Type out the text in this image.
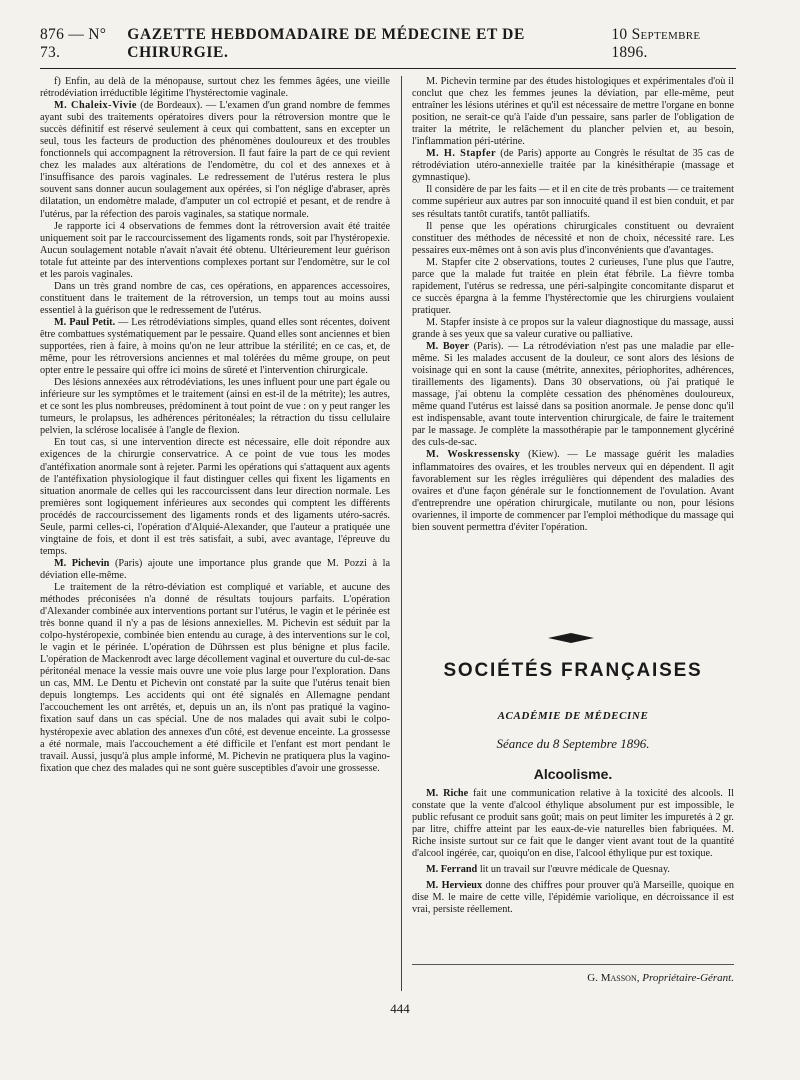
876 — N° 73.
GAZETTE HEBDOMADAIRE DE MÉDECINE ET DE CHIRURGIE.
10 Septembre 1896.

f) Enfin, au delà de la ménopause, surtout chez les femmes âgées, une vieille rétrodéviation irréductible légitime l'hystérectomie vaginale.

M. Chaleix-Vivie (de Bordeaux). — L'examen d'un grand nombre de femmes ayant subi des traitements opératoires divers pour la rétroversion montre que le succès définitif est réservé seulement à ceux qui combattent, sans en excepter un seul, tous les facteurs de production des phénomènes douloureux et des troubles fonctionnels qui accompagnent la rétroversion. Il faut faire la part de ce qui revient chez les malades aux altérations de l'endomètre, du col et des annexes et à l'insuffisance des parois vaginales. Le redressement de l'utérus restera le plus souvent sans donner aucun soulagement aux opérées, si l'on néglige d'abraser, après dilatation, un endomètre malade, d'amputer un col ectropié et pesant, et de rendre à l'utérus, par la réfection des parois vaginales, sa statique normale.

Je rapporte ici 4 observations de femmes dont la rétroversion avait été traitée uniquement soit par le raccourcissement des ligaments ronds, soit par l'hystéropexie. Aucun soulagement notable n'avait n'avait été obtenu. Ultérieurement leur guérison totale fut atteinte par des interventions complexes portant sur l'endomètre, sur le col et les parois vaginales.

Dans un très grand nombre de cas, ces opérations, en apparences accessoires, constituent dans le traitement de la rétroversion, un temps tout au moins aussi essentiel à la guérison que le redressement de l'utérus.

M. Paul Petit. — Les rétrodéviations simples, quand elles sont récentes, doivent être combattues systématiquement par le pessaire. Quand elles sont anciennes et bien supportées, rien à faire, à moins qu'on ne leur attribue la stérilité; en ce cas, et, de même, pour les rétroversions anciennes et mal tolérées du même groupe, on peut opter entre le pessaire qui offre ici moins de sûreté et l'intervention chirurgicale.

Des lésions annexées aux rétrodéviations, les unes influent pour une part égale ou inférieure sur les symptômes et le traitement (ainsi en est-il de la métrite); les autres, et ce sont les plus nombreuses, prédominent à tout point de vue : on y peut ranger les tumeurs, le prolapsus, les adhérences péritonéales; la rétraction du tissu cellulaire pelvien, la sclérose localisée à l'angle de flexion.

En tout cas, si une intervention directe est nécessaire, elle doit répondre aux exigences de la chirurgie conservatrice. A ce point de vue tous les modes d'antéfixation anormale sont à rejeter. Parmi les opérations qui s'attaquent aux agents de l'antéfixation physiologique il faut distinguer celles qui fixent les ligaments en situation anormale de celles qui les raccourcissent dans leur direction normale. Les premières sont logiquement inférieures aux secondes qui comptent les différents procédés de raccourcissement des ligaments ronds et des ligaments utéro-sacrés. Seule, parmi celles-ci, l'opération d'Alquié-Alexander, que l'auteur a pratiquée une vingtaine de fois, et dont il est très satisfait, a subi, avec avantage, l'épreuve du temps.

M. Pichevin (Paris) ajoute une importance plus grande que M. Pozzi à la déviation elle-même.

Le traitement de la rétro-déviation est compliqué et variable, et aucune des méthodes préconisées n'a donné de résultats toujours parfaits. L'opération d'Alexander combinée aux interventions portant sur l'utérus, le vagin et le périnée est très bonne quand il n'y a pas de lésions annexielles. M. Pichevin est séduit par la colpo-hystéropexie, combinée bien entendu au curage, à des interventions sur le col, le vagin et le périnée. L'opération de Dührssen est plus bénigne et plus facile. L'opération de Mackenrodt avec large décollement vaginal et ouverture du cul-de-sac péritonéal menace la vessie mais ouvre une voie plus large pour l'exploration. Dans un cas, MM. Le Dentu et Pichevin ont constaté par la suite que l'utérus tenait bien depuis longtemps. Les accidents qui ont été signalés en Allemagne pendant l'accouchement les ont arrêtés, et, depuis un an, ils n'ont pas pratiqué la vagino-fixation sauf dans un cas spécial. Une de nos malades qui avait subi le colpo-hystéropexie avec ablation des annexes d'un côté, est devenue enceinte. La grossesse a été normale, mais l'accouchement a été difficile et l'enfant est mort pendant le travail. Aussi, jusqu'à plus ample informé, M. Pichevin ne pratiquera plus la vagino-fixation que chez des malades qui ne sont guère susceptibles d'avoir une grossesse.

M. Pichevin termine par des études histologiques et expérimentales d'où il conclut que chez les femmes jeunes la déviation, par elle-même, peut entraîner les lésions utérines et qu'il est nécessaire de mettre l'organe en bonne position, ne serait-ce qu'à l'aide d'un pessaire, sans parler de l'obligation de traiter la métrite, le relâchement du plancher pelvien et, au besoin, l'inflammation péri-utérine.

M. H. Stapfer (de Paris) apporte au Congrès le résultat de 35 cas de rétrodéviation utéro-annexielle traitée par la kinésithérapie (massage et gymnastique).

Il considère de par les faits — et il en cite de très probants — ce traitement comme supérieur aux autres par son innocuité quand il est bien conduit, et par ses résultats tantôt curatifs, tantôt palliatifs.

Il pense que les opérations chirurgicales constituent ou devraient constituer des méthodes de nécessité et non de choix, nécessité rare. Les pessaires eux-mêmes ont à son avis plus d'inconvénients que d'avantages.

M. Stapfer cite 2 observations, toutes 2 curieuses, l'une plus que l'autre, parce que la malade fut traitée en plein état fébrile. La fièvre tomba rapidement, l'utérus se redressa, une péri-salpingite concomitante disparut et ce succès épargna à la femme l'hystérectomie que les chirurgiens voulaient pratiquer.

M. Stapfer insiste à ce propos sur la valeur diagnostique du massage, aussi grande à ses yeux que sa valeur curative ou palliative.

M. Boyer (Paris). — La rétrodéviation n'est pas une maladie par elle-même. Si les malades accusent de la douleur, ce sont alors des lésions de voisinage qui en sont la cause (métrite, annexites, périophorites, adhérences, tiraillements des ligaments). Dans 30 observations, où j'ai pratiqué le massage, j'ai obtenu la complète cessation des phénomènes douloureux, même quand l'utérus est laissé dans sa position anormale. Je pense donc qu'il est indispensable, avant toute intervention chirurgicale, de faire le traitement par le massage. Je complète la massothérapie par le tamponnement glycériné des culs-de-sac.

M. Woskressensky (Kiew). — Le massage guérit les maladies inflammatoires des ovaires, et les troubles nerveux qui en dépendent. Il agit favorablement sur les règles irrégulières qui dépendent des maladies des ovaires et d'une façon générale sur le fonctionnement de l'ovulation. Avant d'entreprendre une opération chirurgicale, mutilante ou non, pour lésions ovariennes, il importe de commencer par l'emploi méthodique du massage qui bien souvent permettra d'éviter l'opération.

SOCIÉTÉS FRANÇAISES
ACADÉMIE DE MÉDECINE
Séance du 8 Septembre 1896.
Alcoolisme.

M. Riche fait une communication relative à la toxicité des alcools. Il constate que la vente d'alcool éthylique absolument pur est impossible, le public refusant ce produit sans goût; mais on peut limiter les impuretés à 2 gr. par litre, chiffre atteint par les eaux-de-vie naturelles bien fabriquées. M. Riche insiste surtout sur ce fait que le danger vient avant tout de la quantité d'alcool ingérée, car, quoiqu'on en dise, l'alcool éthylique pur est toxique.

M. Ferrand lit un travail sur l'œuvre médicale de Quesnay.

M. Hervieux donne des chiffres pour prouver qu'à Marseille, quoique en dise M. le maire de cette ville, l'épidémie variolique, en décroissance il est vrai, persiste réellement.

G. Masson, Propriétaire-Gérant.
444
